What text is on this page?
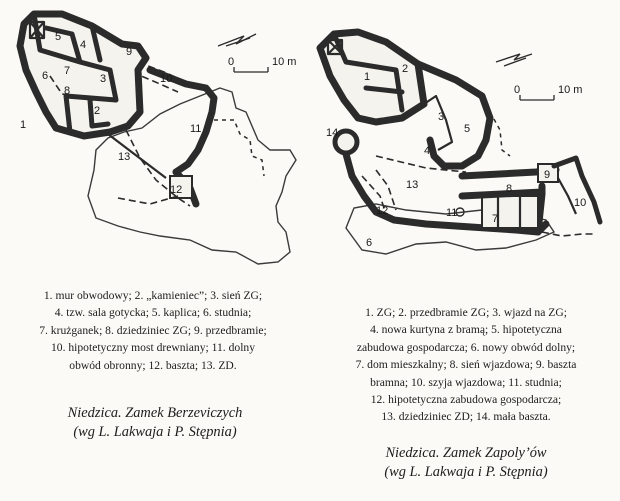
5
4
9
6 7
8
3
2
1
10
11
13
12
0	10 m
2
1
3
5
4
14
13	8
9
10
11
12
7
6
0	10 m

1. mur obwodowy; 2. „kamieniec”; 3. sień ZG;

4. tzw. sala gotycka; 5. kaplica; 6. studnia;

7. krużganek; 8. dziedziniec ZG; 9. przedbramie;

10. hipotetyczny most drewniany; 11. dolny

obwód obronny; 12. baszta; 13. ZD.

Niedzica. Zamek Berzeviczych

(wg L. Lakwaja i P. Stępnia)

1. ZG; 2. przedbramie ZG; 3. wjazd na ZG;

4. nowa kurtyna z bramą; 5. hipotetyczna

zabudowa gospodarcza; 6. nowy obwód dolny;

7. dom mieszkalny; 8. sień wjazdowa; 9. baszta

bramna; 10. szyja wjazdowa; 11. studnia;

12. hipotetyczna zabudowa gospodarcza;

13. dziedziniec ZD; 14. mała baszta.

Niedzica. Zamek Zapoly’ów

(wg L. Lakwaja i P. Stępnia)
